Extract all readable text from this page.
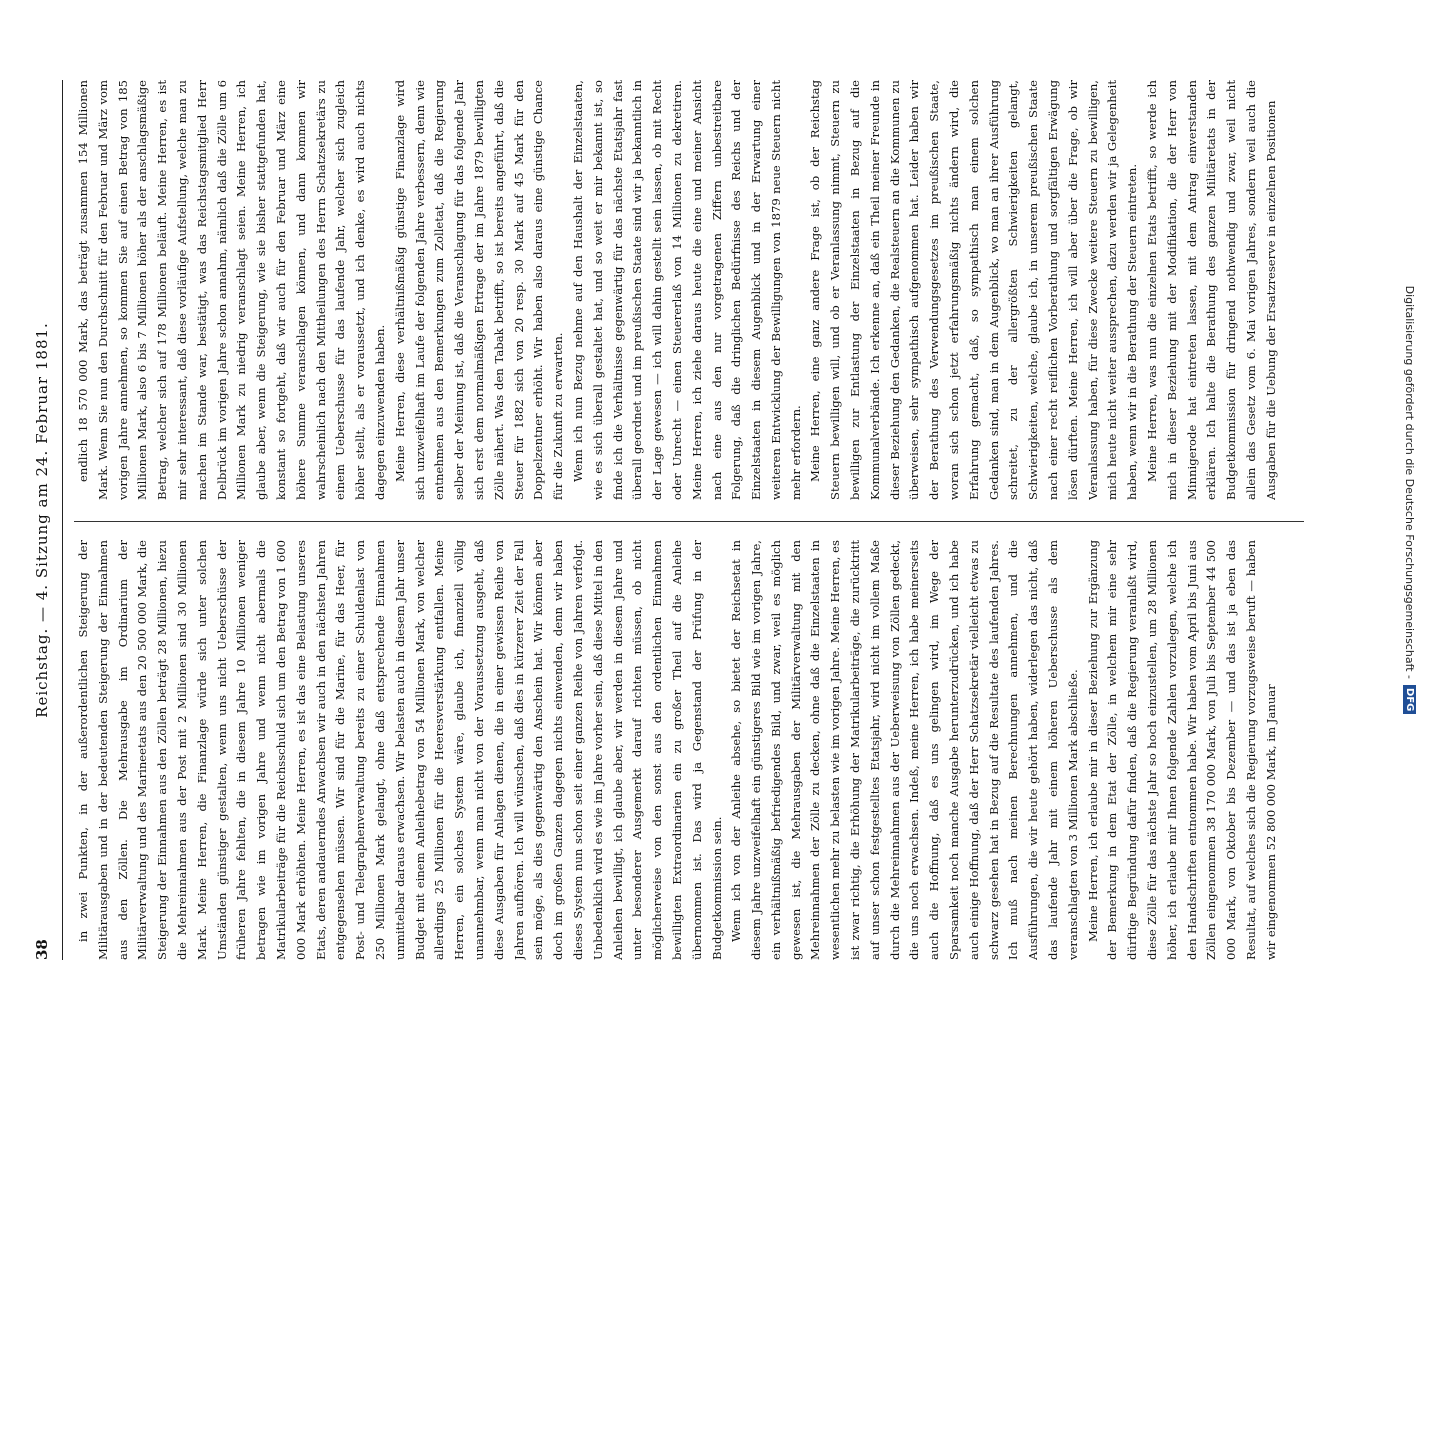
38
Reichstag. — 4. Sitzung am 24. Februar 1881.

in zwei Punkten, in der außerordentlichen Steigerung der Militärausgaben und in der bedeutenden Steigerung der Einnahmen aus den Zöllen. Die Mehrausgabe im Ordinarium der Militärverwaltung und des Marineetats aus den 20 500 000 Mark, die Steigerung der Einnahmen aus den Zöllen beträgt 28 Millionen, hiezu die Mehreinnahmen aus der Post mit 2 Millionen sind 30 Millionen Mark. Meine Herren, die Finanzlage würde sich unter solchen Umständen günstiger gestalten, wenn uns nicht Ueberschüsse der früheren Jahre fehlten, die in diesem Jahre 10 Millionen weniger betragen wie im vorigen Jahre und wenn nicht abermals die Matrikularbeiträge für die Reichsschuld sich um den Betrag von 1 600 000 Mark erhöhten. Meine Herren, es ist das eine Belastung unseres Etats, deren andauerndes Anwachsen wir auch in den nächsten Jahren entgegensehen müssen. Wir sind für die Marine, für das Heer, für Post- und Telegraphenverwaltung bereits zu einer Schuldenlast von 250 Millionen Mark gelangt, ohne daß entsprechende Einnahmen unmittelbar daraus erwachsen. Wir belasten auch in diesem Jahr unser Budget mit einem Anleihebetrag von 54 Millionen Mark, von welcher allerdings 25 Millionen für die Heeresverstärkung entfallen. Meine Herren, ein solches System wäre, glaube ich, finanziell völlig unannehmbar, wenn man nicht von der Voraussetzung ausgeht, daß diese Ausgaben für Anlagen dienen, die in einer gewissen Reihe von Jahren aufhören. Ich will wünschen, daß dies in kürzerer Zeit der Fall sein möge, als dies gegenwärtig den Anschein hat. Wir können aber doch im großen Ganzen dagegen nichts einwenden, denn wir haben dieses System nun schon seit einer ganzen Reihe von Jahren verfolgt. Unbedenklich wird es wie im Jahre vorher sein, daß diese Mittel in den Anleihen bewilligt, ich glaube aber, wir werden in diesem Jahre und unter besonderer Ausgemerkt darauf richten müssen, ob nicht möglicherweise von den sonst aus den ordentlichen Einnahmen bewilligten Extraordinarien ein zu großer Theil auf die Anleihe übernommen ist. Das wird ja Gegenstand der Prüfung in der Budgetkommission sein. Wenn ich von der Anleihe absehe, so bietet der Reichsetat in diesem Jahre unzweifelhaft ein günstigeres Bild wie im vorigen Jahre, ein verhältnißmäßig befriedigendes Bild, und zwar, weil es möglich gewesen ist, die Mehrausgaben der Militärverwaltung mit den Mehreinnahmen der Zölle zu decken, ohne daß die Einzelstaaten in wesentlichen mehr zu belasten wie im vorigen Jahre. Meine Herren, es ist zwar richtig, die Erhöhung der Matrikularbeiträge, die zurücktritt auf unser schon festgestelltes Etatsjahr, wird nicht im vollem Maße durch die Mehreinnahmen aus der Ueberweisung von Zöllen gedeckt, die uns noch erwachsen. Indeß, meine Herren, ich habe meinerseits auch die Hoffnung, daß es uns gelingen wird, im Wege der Sparsamkeit noch manche Ausgabe herunterzudrücken, und ich habe auch einige Hoffnung, daß der Herr Schatzsekretär vielleicht etwas zu schwarz gesehen hat in Bezug auf die Resultate des laufenden Jahres. Ich muß nach meinen Berechnungen annehmen, und die Ausführungen, die wir heute gehört haben, widerlegen das nicht, daß das laufende Jahr mit einem höheren Ueberschusse als dem veranschlagten von 3 Millionen Mark abschließe. Meine Herren, ich erlaube mir in dieser Beziehung zur Ergänzung der Bemerkung in dem Etat der Zölle, in welchem mir eine sehr dürftige Begründung dafür finden, daß die Regierung veranlaßt wird, diese Zölle für das nächste Jahr so hoch einzustellen, um 28 Millionen höher, ich erlaube mir Ihnen folgende Zahlen vorzulegen, welche ich den Handschriften entnommen habe. Wir haben vom April bis Juni aus Zöllen eingenommen 38 170 000 Mark, von Juli bis September 44 500 000 Mark, von Oktober bis Dezember — und das ist ja eben das Resultat, auf welches sich die Regierung vorzugsweise beruft — haben wir eingenommen 52 800 000 Mark, im Januar

endlich 18 570 000 Mark, das beträgt zusammen 154 Millionen Mark. Wenn Sie nun den Durchschnitt für den Februar und März vom vorigen Jahre annehmen, so kommen Sie auf einen Betrag von 185 Millionen Mark, also 6 bis 7 Millionen höher als der anschlagsmäßige Betrag, welcher sich auf 178 Millionen beläuft. Meine Herren, es ist mir sehr interessant, daß diese vorläufige Aufstellung, welche man zu machen im Stande war, bestätigt, was das Reichstagsmitglied Herr Delbrück im vorigen Jahre schon annahm, nämlich daß die Zölle um 6 Millionen Mark zu niedrig veranschlagt seien. Meine Herren, ich glaube aber, wenn die Steigerung, wie sie bisher stattgefunden hat, konstant so fortgeht, daß wir auch für den Februar und März eine höhere Summe veranschlagen können, und dann kommen wir wahrscheinlich nach den Mittheilungen des Herrn Schatzsekretärs zu einem Ueberschusse für das laufende Jahr, welcher sich zugleich höher stellt, als er voraussetzt, und ich denke, es wird auch nichts dagegen einzuwenden haben. Meine Herren, diese verhältnißmäßig günstige Finanzlage wird sich unzweifelhaft im Laufe der folgenden Jahre verbessern, denn wie entnehmen aus den Bemerkungen zum Zolletat, daß die Regierung selber der Meinung ist, daß die Veranschlagung für das folgende Jahr sich erst dem normalmäßigen Ertrage der im Jahre 1879 bewilligten Zölle nähert. Was den Tabak betrifft, so ist bereits angeführt, daß die Steuer für 1882 sich von 20 resp. 30 Mark auf 45 Mark für den Doppelzentner erhöht. Wir haben also daraus eine günstige Chance für die Zukunft zu erwarten. Wenn ich nun Bezug nehme auf den Haushalt der Einzelstaaten, wie es sich überall gestaltet hat, und so weit er mir bekannt ist, so finde ich die Verhältnisse gegenwärtig für das nächste Etatsjahr fast überall geordnet und im preußischen Staate sind wir ja bekanntlich in der Lage gewesen — ich will dahin gestellt sein lassen, ob mit Recht oder Unrecht — einen Steuererlaß von 14 Millionen zu dekretiren. Meine Herren, ich ziehe daraus heute die eine und meiner Ansicht nach eine aus den nur vorgetragenen Ziffern unbestreitbare Folgerung, daß die dringlichen Bedürfnisse des Reichs und der Einzelstaaten in diesem Augenblick und in der Erwartung einer weiteren Entwicklung der Bewilligungen von 1879 neue Steuern nicht mehr erfordern. Meine Herren, eine ganz andere Frage ist, ob der Reichstag Steuern bewilligen will, und ob er Veranlassung nimmt, Steuern zu bewilligen zur Entlastung der Einzelstaaten in Bezug auf die Kommunalverbände. Ich erkenne an, daß ein Theil meiner Freunde in dieser Beziehung den Gedanken, die Realsteuern an die Kommunen zu überweisen, sehr sympathisch aufgenommen hat. Leider haben wir der Berathung des Verwendungsgesetzes im preußischen Staate, woran sich schon jetzt erfahrungsmäßig nichts ändern wird, die Erfahrung gemacht, daß, so sympathisch man einem solchen Gedanken sind, man in dem Augenblick, wo man an ihrer Ausführung schreitet, zu der allergrößten Schwierigkeiten gelangt, Schwierigkeiten, welche, glaube ich, in unserem preußischen Staate nach einer recht reiflichen Vorberathung und sorgfältigen Erwägung lösen dürften. Meine Herren, ich will aber über die Frage, ob wir Veranlassung haben, für diese Zwecke weitere Steuern zu bewilligen, mich heute nicht weiter aussprechen, dazu werden wir ja Gelegenheit haben, wenn wir in die Berathung der Steuern eintreten. Meine Herren, was nun die einzelnen Etats betrifft, so werde ich mich in dieser Beziehung mit der Modifikation, die der Herr von Minnigerode hat eintreten lassen, mit dem Antrag einverstanden erklären. Ich halte die Berathung des ganzen Militäretats in der Budgetkommission für dringend nothwendig und zwar, weil nicht allein das Gesetz vom 6. Mai vorigen Jahres, sondern weil auch die Ausgaben für die Uebung der Ersatzreserve in einzelnen Positionen	Digitalisierung gefördert durch die Deutsche Forschungsgemeinschaft -
DFG
